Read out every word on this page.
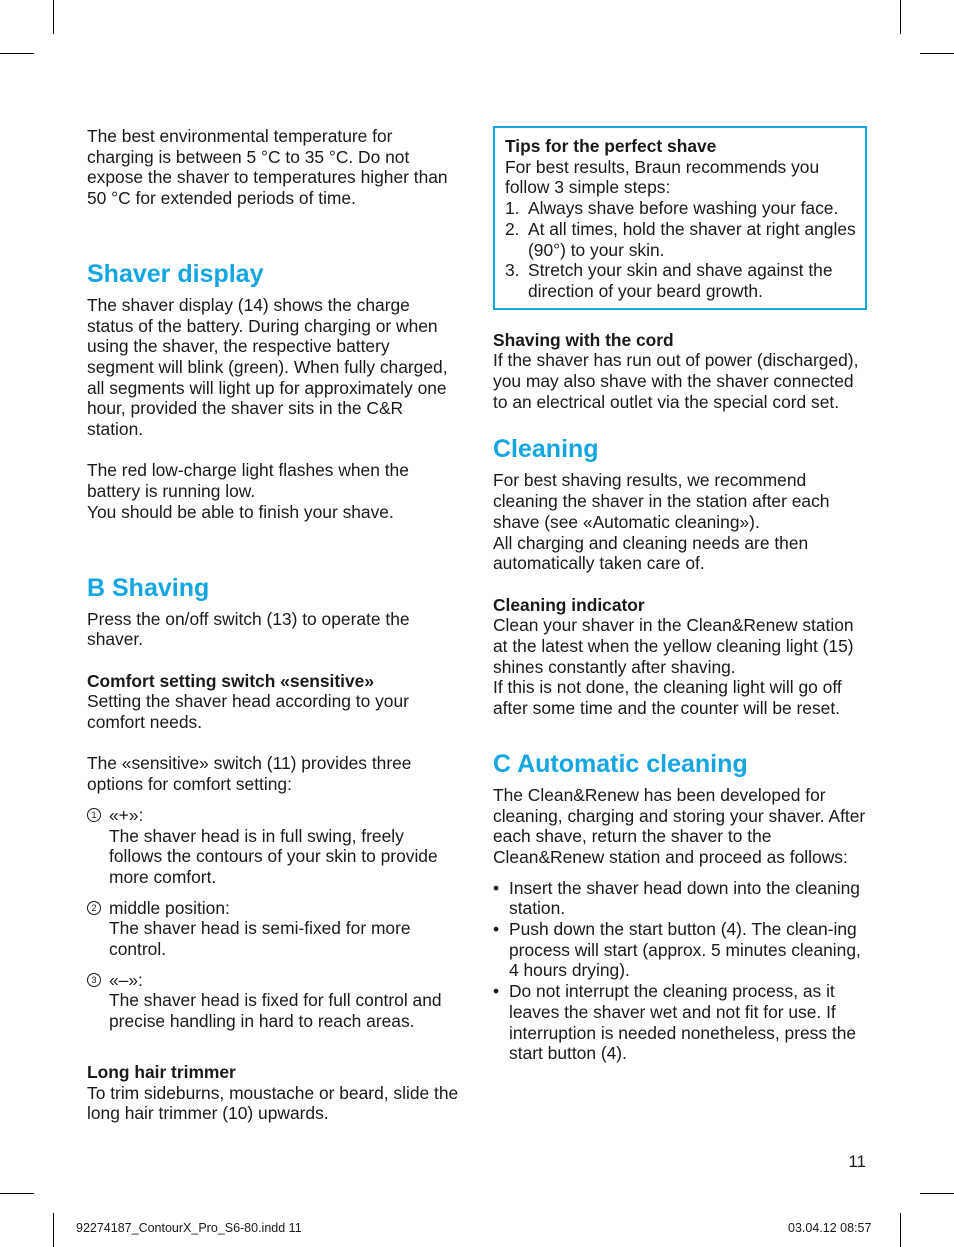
The best environmental temperature for charging is between 5 °C to 35 °C. Do not expose the shaver to temperatures higher than 50 °C for extended periods of time.

Shaver display

The shaver display (14) shows the charge status of the battery. During charging or when using the shaver, the respective battery segment will blink (green). When fully charged, all segments will light up for approximately one hour, provided the shaver sits in the C&R station.

The red low-charge light flashes when the battery is running low.

You should be able to finish your shave.

B Shaving

Press the on/off switch (13) to operate the shaver.

Comfort setting switch «sensitive»

Setting the shaver head according to your comfort needs.

The «sensitive» switch (11) provides three options for comfort setting:

1 «+»:

The shaver head is in full swing, freely follows the contours of your skin to provide more comfort.

2 middle position:

The shaver head is semi-fixed for more control.

3 «–»:

The shaver head is fixed for full control and precise handling in hard to reach areas.

Long hair trimmer

To trim sideburns, moustache or beard, slide the long hair trimmer (10) upwards.

Tips for the perfect shave

For best results, Braun recommends you follow 3 simple steps:

1. Always shave before washing your face.
2. At all times, hold the shaver at right angles (90°) to your skin.
3. Stretch your skin and shave against the direction of your beard growth.

Shaving with the cord

If the shaver has run out of power (discharged), you may also shave with the shaver connected to an electrical outlet via the special cord set.

Cleaning

For best shaving results, we recommend cleaning the shaver in the station after each shave (see «Automatic cleaning»).

All charging and cleaning needs are then automatically taken care of.

Cleaning indicator

Clean your shaver in the Clean&Renew station at the latest when the yellow cleaning light (15) shines constantly after shaving.

If this is not done, the cleaning light will go off after some time and the counter will be reset.

C Automatic cleaning

The Clean&Renew has been developed for cleaning, charging and storing your shaver. After each shave, return the shaver to the Clean&Renew station and proceed as follows:

• Insert the shaver head down into the cleaning station.
• Push down the start button (4). The clean-ing process will start (approx. 5 minutes cleaning, 4 hours drying).
• Do not interrupt the cleaning process, as it leaves the shaver wet and not fit for use. If interruption is needed nonetheless, press the start button (4).
11
92274187_ContourX_Pro_S6-80.indd 11	03.04.12 08:57
